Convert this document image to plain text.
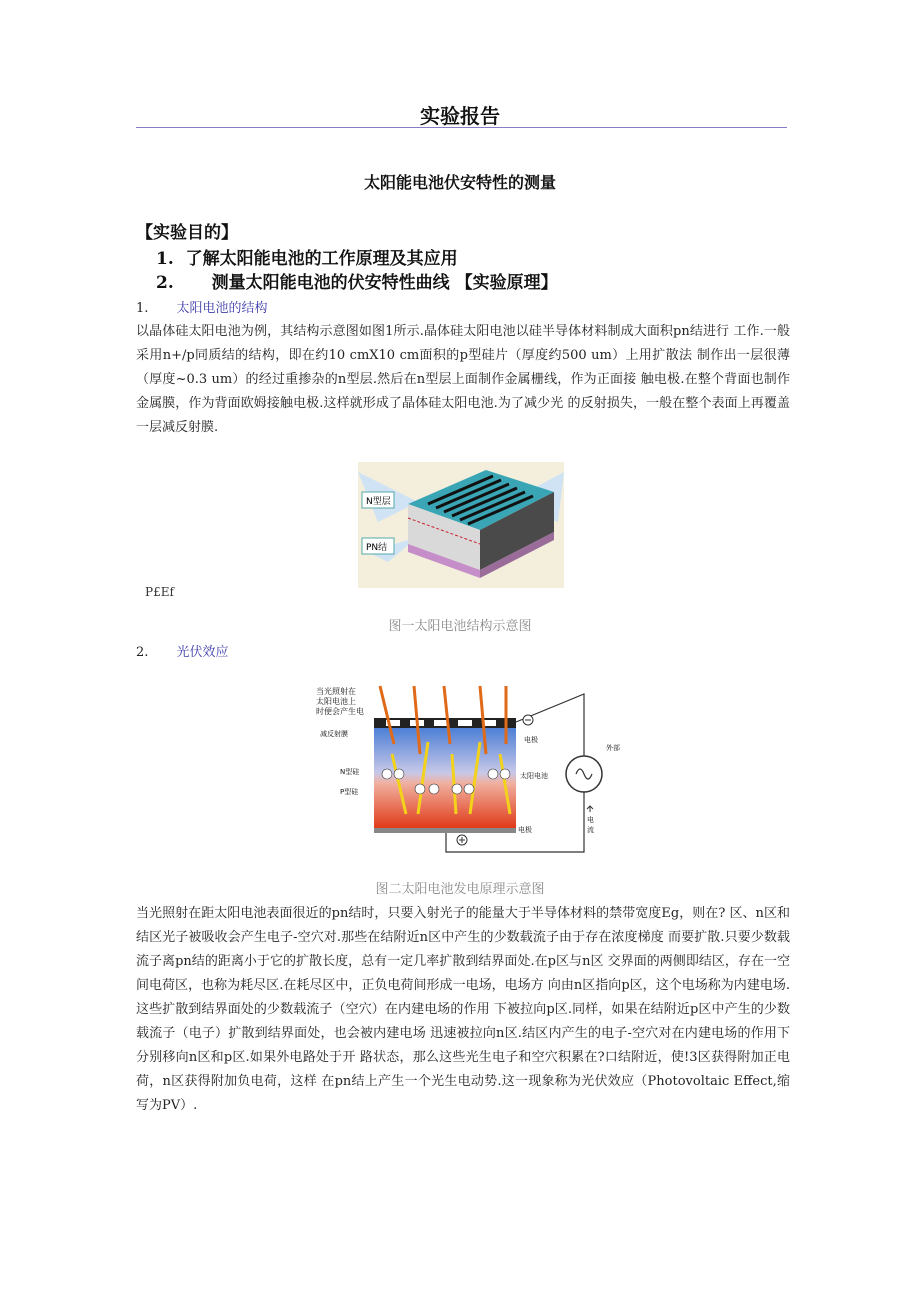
实验报告
太阳能电池伏安特性的测量
【实验目的】
1. 了解太阳能电池的工作原理及其应用
2. 测量太阳能电池的伏安特性曲线 【实验原理】
1. 太阳电池的结构
以晶体硅太阳电池为例，其结构示意图如图1所示.晶体硅太阳电池以硅半导体材料制成大面积pn结进行 工作.一般采用n+/p同质结的结构，即在约10 cmX10 cm面积的p型硅片（厚度约500 um）上用扩散法 制作出一层很薄（厚度~0.3 um）的经过重掺杂的n型层.然后在n型层上面制作金属栅线，作为正面接 触电极.在整个背面也制作金属膜，作为背面欧姆接触电极.这样就形成了晶体硅太阳电池.为了减少光 的反射损失，一般在整个表面上再覆盖一层减反射膜.
N型层
PN结
P£Ef
图一太阳电池结构示意图
2. 光伏效应
当光照射在
太阳电池上
时便会产生电
减反射膜
N型硅
P型硅
电极
太阳电池
电极
外部
电
流
图二太阳电池发电原理示意图
当光照射在距太阳电池表面很近的pn结时，只要入射光子的能量大于半导体材料的禁带宽度Eg，则在? 区、n区和结区光子被吸收会产生电子-空穴对.那些在结附近n区中产生的少数载流子由于存在浓度梯度 而要扩散.只要少数载流子离pn结的距离小于它的扩散长度，总有一定几率扩散到结界面处.在p区与n区 交界面的两侧即结区，存在一空间电荷区，也称为耗尽区.在耗尽区中，正负电荷间形成一电场，电场方 向由n区指向p区，这个电场称为内建电场.这些扩散到结界面处的少数载流子（空穴）在内建电场的作用 下被拉向p区.同样，如果在结附近p区中产生的少数载流子（电子）扩散到结界面处，也会被内建电场 迅速被拉向n区.结区内产生的电子-空穴对在内建电场的作用下分别移向n区和p区.如果外电路处于开 路状态，那么这些光生电子和空穴积累在?口结附近，使!3区获得附加正电荷，n区获得附加负电荷，这样 在pn结上产生一个光生电动势.这一现象称为光伏效应（Photovoltaic Effect,缩写为PV）.
